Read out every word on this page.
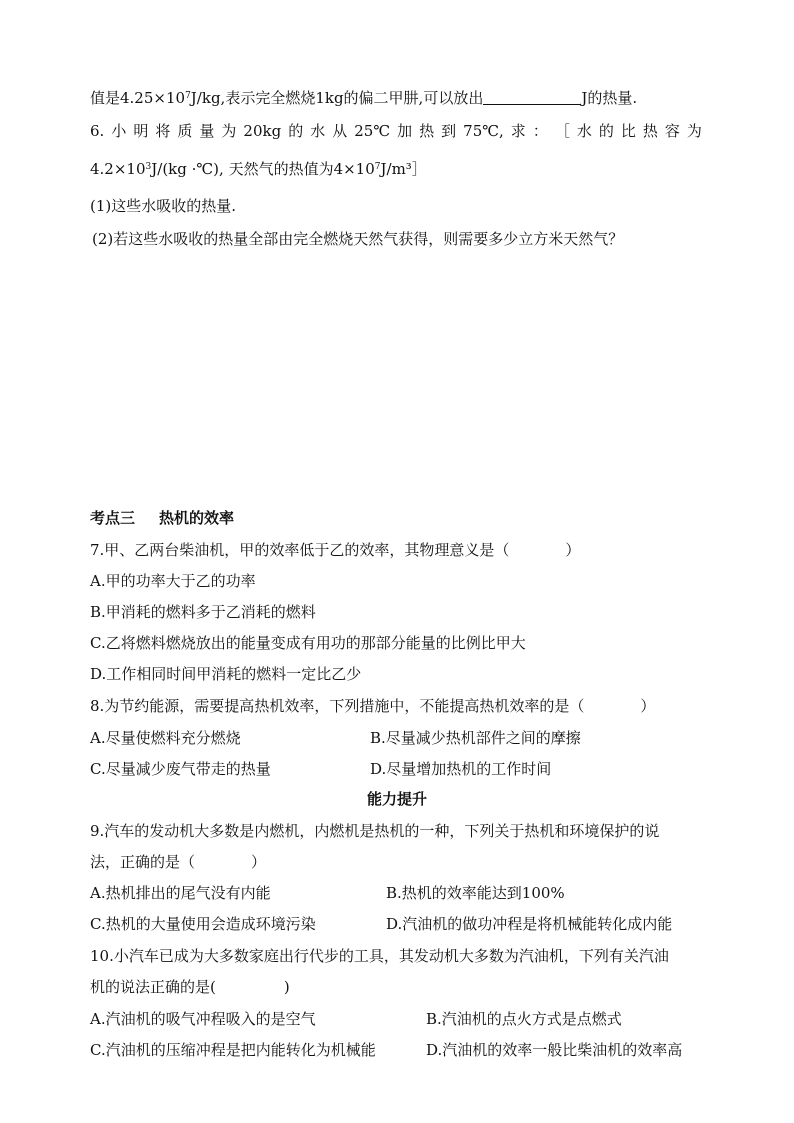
值是$4.25\times 10^7J/kg$,表示完全燃烧1kg的偏二甲肼,可以放出	J的热量.
6. 小 明 将 质 量 为 20kg 的 水 从 25℃ 加 热 到 75℃, 求 ： ［ 水 的 比 热 容 为
$4.2\times 10^3J/(kg$ ·℃), 天然气的热值为$4\times 10^7J/m^3]$
(1)这些水吸收的热量.
(2)若这些水吸收的热量全部由完全燃烧天然气获得，则需要多少立方米天然气？
考点三 热机的效率
7.甲、乙两台柴油机，甲的效率低于乙的效率，其物理意义是（	）
A.甲的功率大于乙的功率
B.甲消耗的燃料多于乙消耗的燃料
C.乙将燃料燃烧放出的能量变成有用功的那部分能量的比例比甲大
D.工作相同时间甲消耗的燃料一定比乙少
8.为节约能源，需要提高热机效率，下列措施中，不能提高热机效率的是（	）
A.尽量使燃料充分燃烧	B.尽量减少热机部件之间的摩擦
C.尽量减少废气带走的热量	D.尽量增加热机的工作时间
能力提升
9.汽车的发动机大多数是内燃机，内燃机是热机的一种，下列关于热机和环境保护的说
法，正确的是（	）
A.热机排出的尾气没有内能	B.热机的效率能达到100%
C.热机的大量使用会造成环境污染	D.汽油机的做功冲程是将机械能转化成内能
10.小汽车已成为大多数家庭出行代步的工具，其发动机大多数为汽油机，下列有关汽油
机的说法正确的是(	)
A.汽油机的吸气冲程吸入的是空气	B.汽油机的点火方式是点燃式
C.汽油机的压缩冲程是把内能转化为机械能	D.汽油机的效率一般比柴油机的效率高
